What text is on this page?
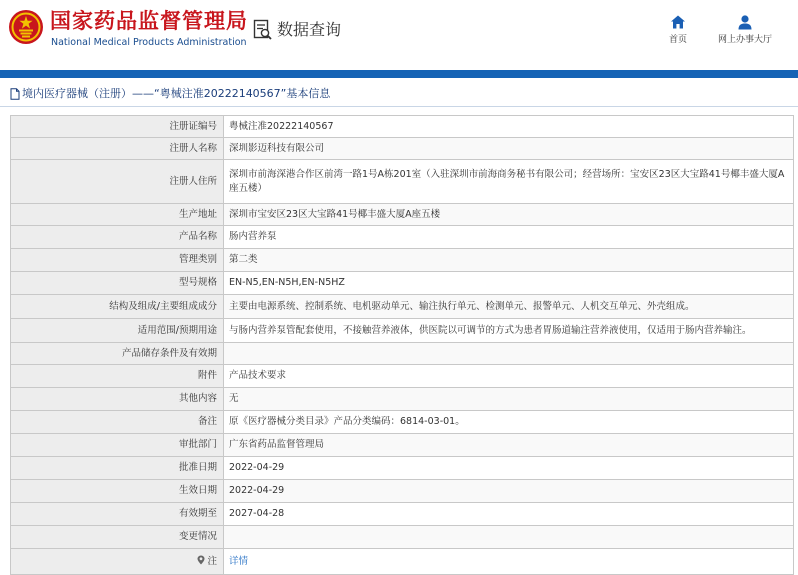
国家药品监督管理局
National Medical Products Administration
数据查询
首页	网上办事大厅
境内医疗器械（注册）——“粤械注准20222140567”基本信息
注册证编号	粤械注准20222140567
注册人名称	深圳影迈科技有限公司
注册人住所	深圳市前海深港合作区前湾一路1号A栋201室（入驻深圳市前海商务秘书有限公司；经营场所：宝安区23区大宝路41号椰丰盛大厦A座五楼）
生产地址	深圳市宝安区23区大宝路41号椰丰盛大厦A座五楼
产品名称	肠内营养泵
管理类别	第二类
型号规格	EN-N5,EN-N5H,EN-N5HZ
结构及组成/主要组成成分	主要由电源系统、控制系统、电机驱动单元、输注执行单元、检测单元、报警单元、人机交互单元、外壳组成。
适用范围/预期用途	与肠内营养泵管配套使用，不接触营养液体，供医院以可调节的方式为患者胃肠道输注营养液使用，仅适用于肠内营养输注。
产品储存条件及有效期	
附件	产品技术要求
其他内容	无
备注	原《医疗器械分类目录》产品分类编码：6814-03-01。
审批部门	广东省药品监督管理局
批准日期	2022-04-29
生效日期	2022-04-29
有效期至	2027-04-28
变更情况	
注	详情
